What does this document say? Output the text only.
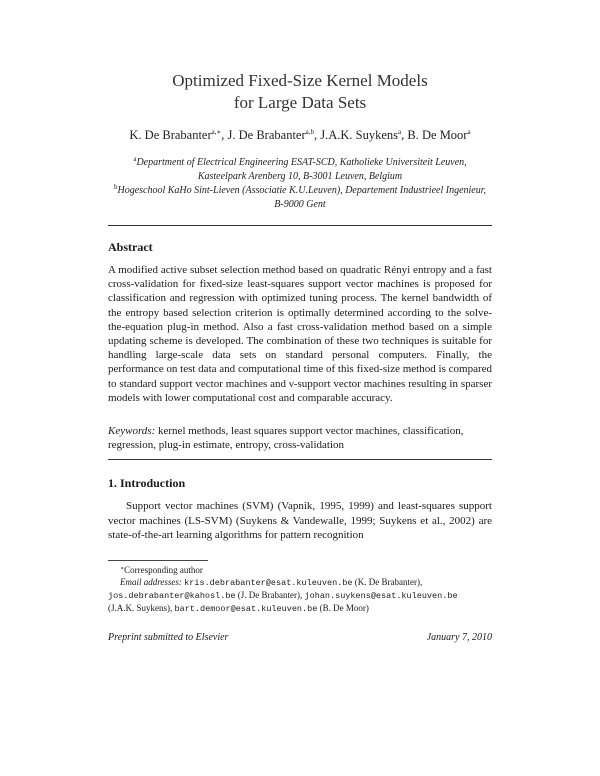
Optimized Fixed-Size Kernel Models
for Large Data Sets
K. De Brabanter$^{a,∗}$, J. De Brabanter$^{a,b}$, J.A.K. Suykens$^a$, B. De Moor$^a$
$^a$Department of Electrical Engineering ESAT-SCD, Katholieke Universiteit Leuven, Kasteelpark Arenberg 10, B-3001 Leuven, Belgium
$^b$Hogeschool KaHo Sint-Lieven (Associatie K.U.Leuven), Departement Industrieel Ingenieur, B-9000 Gent
Abstract
A modified active subset selection method based on quadratic Rényi entropy and a fast cross-validation for fixed-size least-squares support vector machines is proposed for classification and regression with optimized tuning process. The kernel bandwidth of the entropy based selection criterion is optimally determined according to the solve-the-equation plug-in method. Also a fast cross-validation method based on a simple updating scheme is developed. The combination of these two techniques is suitable for handling large-scale data sets on standard personal computers. Finally, the performance on test data and computational time of this fixed-size method is compared to standard support vector machines and ν-support vector machines resulting in sparser models with lower computational cost and comparable accuracy.
Keywords: kernel methods, least squares support vector machines, classification, regression, plug-in estimate, entropy, cross-validation
1. Introduction
Support vector machines (SVM) (Vapnik, 1995, 1999) and least-squares support vector machines (LS-SVM) (Suykens & Vandewalle, 1999; Suykens et al., 2002) are state-of-the-art learning algorithms for pattern recognition
∗Corresponding author
Email addresses: kris.debrabanter@esat.kuleuven.be (K. De Brabanter),
jos.debrabanter@kahosl.be (J. De Brabanter), johan.suykens@esat.kuleuven.be
(J.A.K. Suykens), bart.demoor@esat.kuleuven.be (B. De Moor)
Preprint submitted to Elsevier	January 7, 2010
